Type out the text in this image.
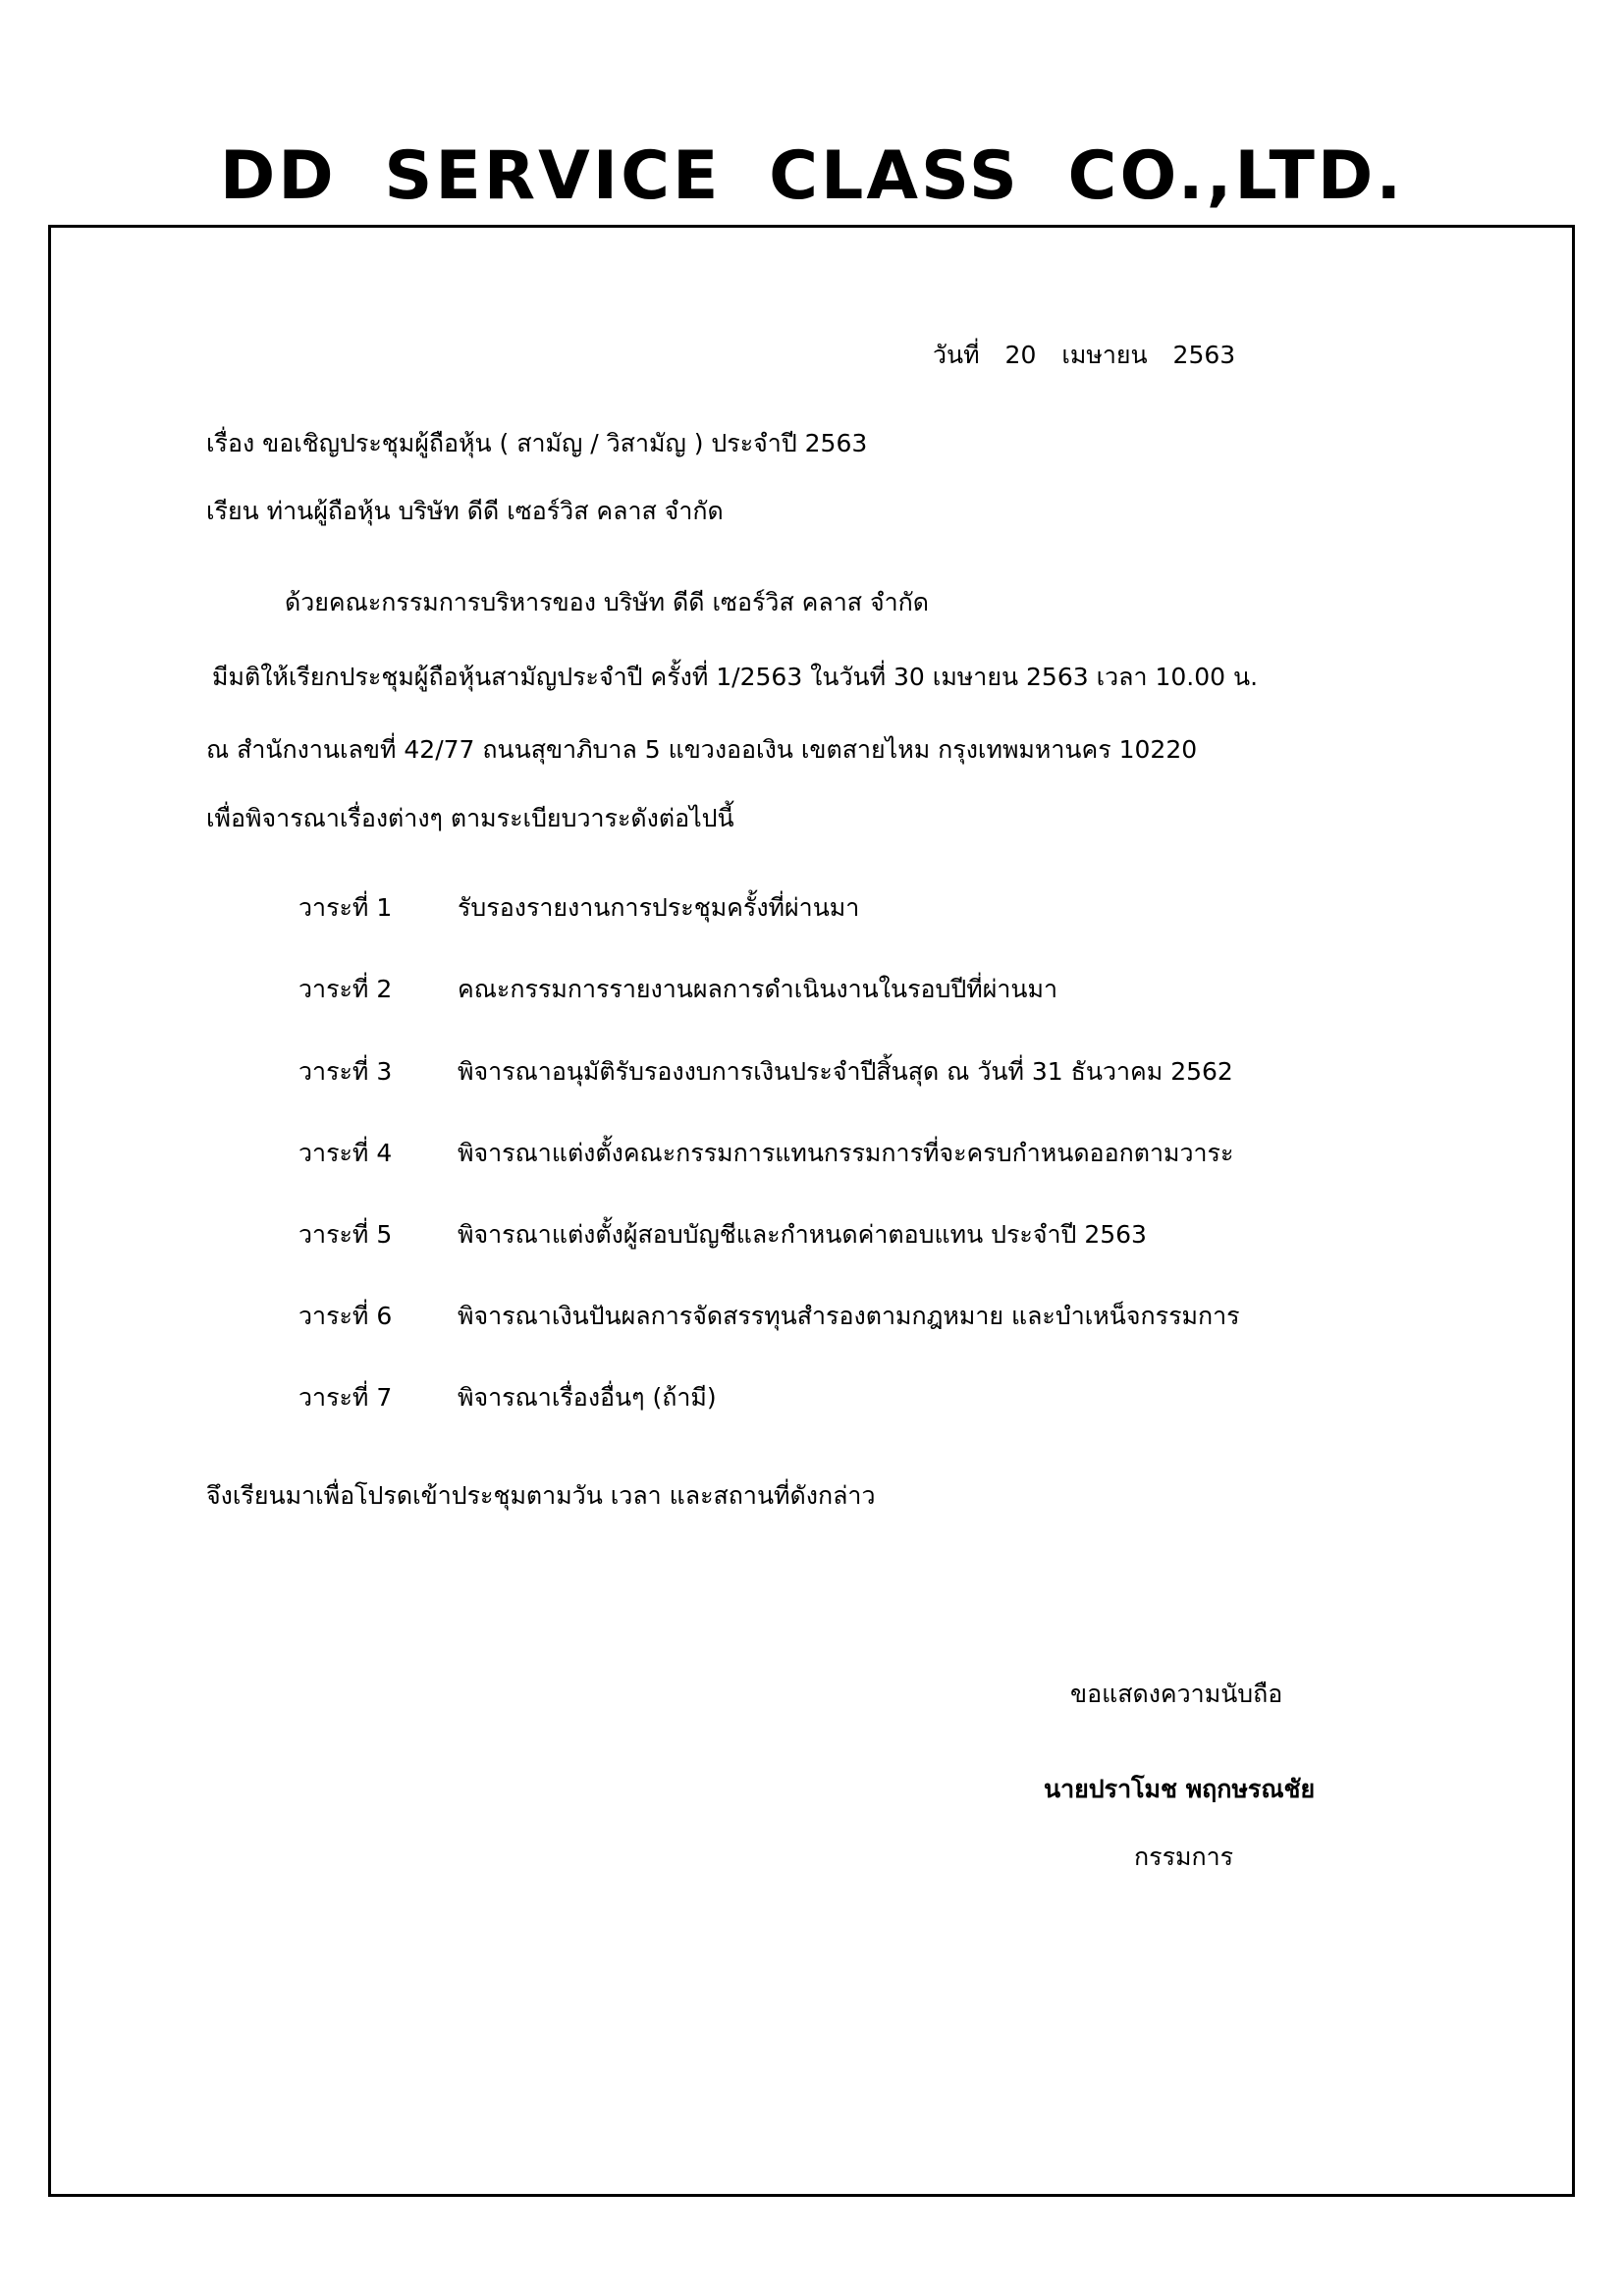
DD SERVICE CLASS CO.,LTD.
วันที่ 20 เมษายน 2563
เรื่อง ขอเชิญประชุมผู้ถือหุ้น ( สามัญ / วิสามัญ ) ประจำปี 2563
เรียน ท่านผู้ถือหุ้น บริษัท ดีดี เซอร์วิส คลาส จำกัด
ด้วยคณะกรรมการบริหารของ บริษัท ดีดี เซอร์วิส คลาส จำกัด
มีมติให้เรียกประชุมผู้ถือหุ้นสามัญประจำปี ครั้งที่ 1/2563 ในวันที่ 30 เมษายน 2563 เวลา 10.00 น.
ณ สำนักงานเลขที่ 42/77 ถนนสุขาภิบาล 5 แขวงออเงิน เขตสายไหม กรุงเทพมหานคร 10220
เพื่อพิจารณาเรื่องต่างๆ ตามระเบียบวาระดังต่อไปนี้
วาระที่ 1	รับรองรายงานการประชุมครั้งที่ผ่านมา
วาระที่ 2	คณะกรรมการรายงานผลการดำเนินงานในรอบปีที่ผ่านมา
วาระที่ 3	พิจารณาอนุมัติรับรองงบการเงินประจำปีสิ้นสุด ณ วันที่ 31 ธันวาคม 2562
วาระที่ 4	พิจารณาแต่งตั้งคณะกรรมการแทนกรรมการที่จะครบกำหนดออกตามวาระ
วาระที่ 5	พิจารณาแต่งตั้งผู้สอบบัญชีและกำหนดค่าตอบแทน ประจำปี 2563
วาระที่ 6	พิจารณาเงินปันผลการจัดสรรทุนสำรองตามกฎหมาย และบำเหน็จกรรมการ
วาระที่ 7	พิจารณาเรื่องอื่นๆ (ถ้ามี)
จึงเรียนมาเพื่อโปรดเข้าประชุมตามวัน เวลา และสถานที่ดังกล่าว
ขอแสดงความนับถือ
นายปราโมช พฤกษรณชัย
กรรมการ
